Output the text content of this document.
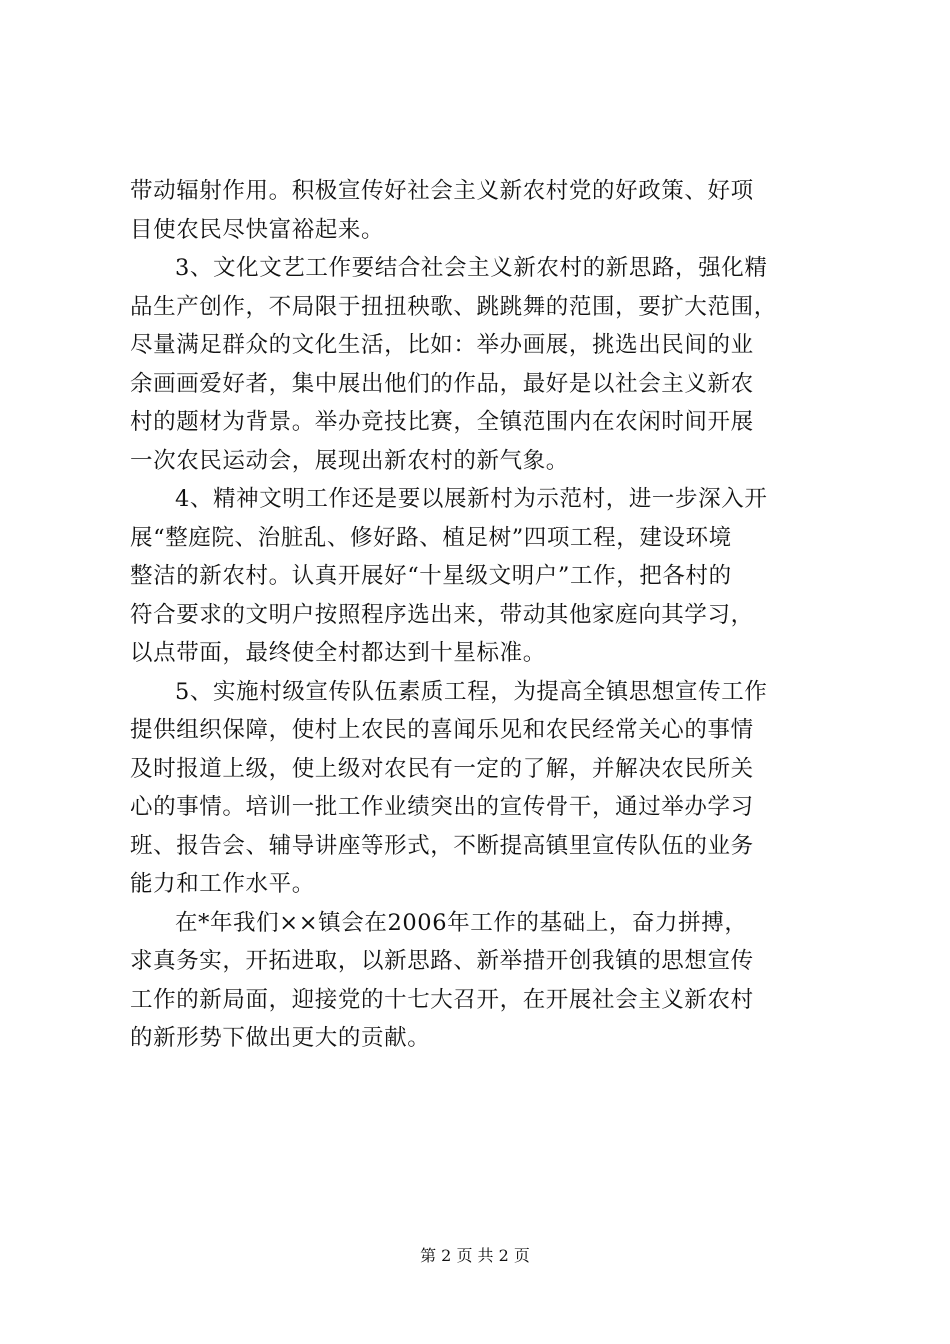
带动辐射作用。积极宣传好社会主义新农村党的好政策、好项
目使农民尽快富裕起来。
3、文化文艺工作要结合社会主义新农村的新思路，强化精
品生产创作，不局限于扭扭秧歌、跳跳舞的范围，要扩大范围，
尽量满足群众的文化生活，比如：举办画展，挑选出民间的业
余画画爱好者，集中展出他们的作品，最好是以社会主义新农
村的题材为背景。举办竞技比赛，全镇范围内在农闲时间开展
一次农民运动会，展现出新农村的新气象。
4、精神文明工作还是要以展新村为示范村，进一步深入开
展“整庭院、治脏乱、修好路、植足树”四项工程，建设环境
整洁的新农村。认真开展好“十星级文明户”工作，把各村的
符合要求的文明户按照程序选出来，带动其他家庭向其学习，
以点带面，最终使全村都达到十星标准。
5、实施村级宣传队伍素质工程，为提高全镇思想宣传工作
提供组织保障，使村上农民的喜闻乐见和农民经常关心的事情
及时报道上级，使上级对农民有一定的了解，并解决农民所关
心的事情。培训一批工作业绩突出的宣传骨干，通过举办学习
班、报告会、辅导讲座等形式，不断提高镇里宣传队伍的业务
能力和工作水平。
在*年我们××镇会在2006年工作的基础上，奋力拼搏，
求真务实，开拓进取，以新思路、新举措开创我镇的思想宣传
工作的新局面，迎接党的十七大召开，在开展社会主义新农村
的新形势下做出更大的贡献。
第 2 页 共 2 页
